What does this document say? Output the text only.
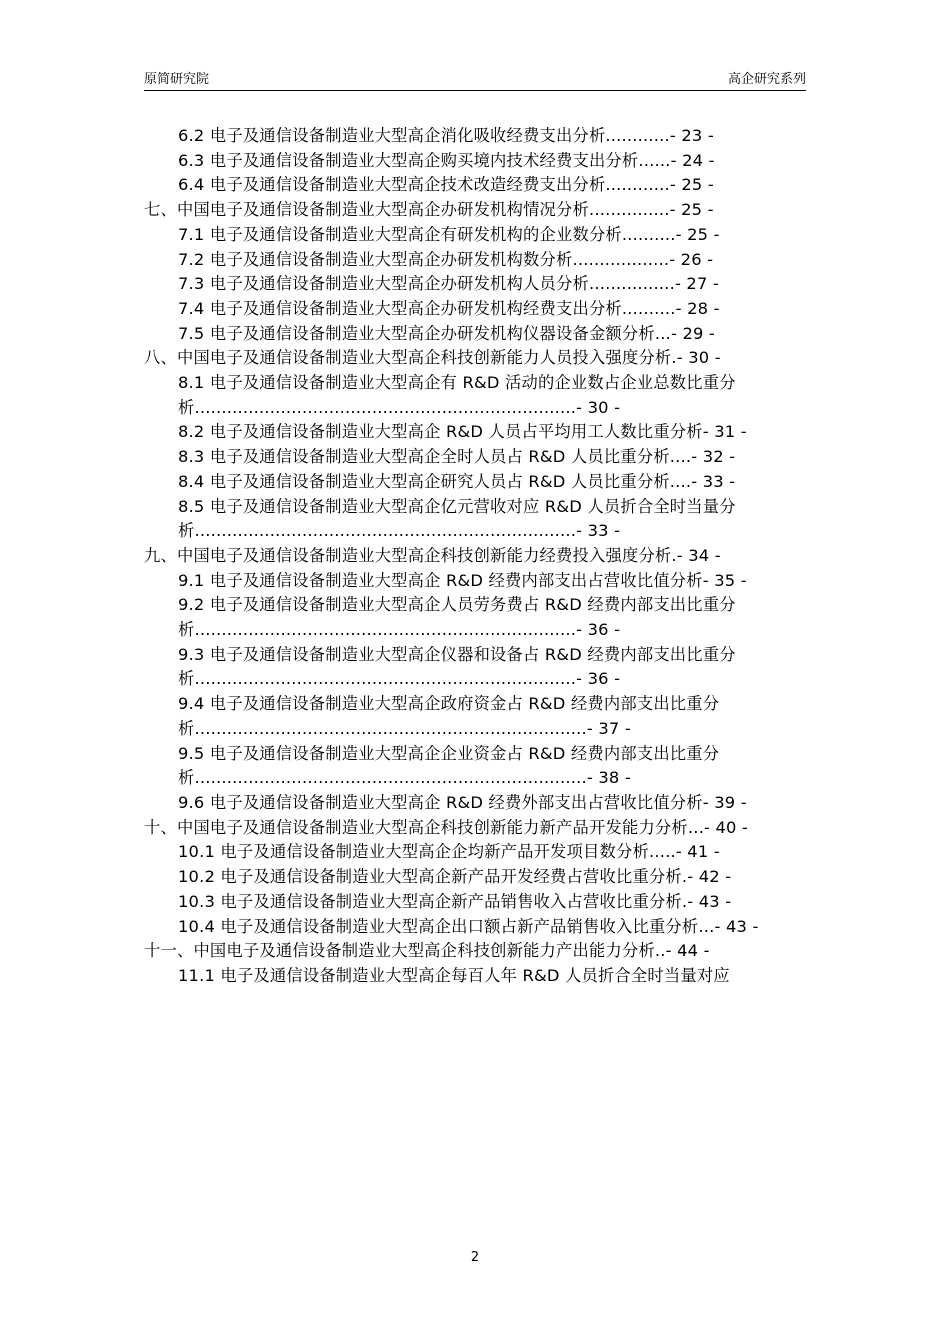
原简研究院	高企研究系列
6.2 电子及通信设备制造业大型高企消化吸收经费支出分析............- 23 -
6.3 电子及通信设备制造业大型高企购买境内技术经费支出分析......- 24 -
6.4 电子及通信设备制造业大型高企技术改造经费支出分析............- 25 -
七、中国电子及通信设备制造业大型高企办研发机构情况分析...............- 25 -
7.1 电子及通信设备制造业大型高企有研发机构的企业数分析..........- 25 -
7.2 电子及通信设备制造业大型高企办研发机构数分析..................- 26 -
7.3 电子及通信设备制造业大型高企办研发机构人员分析................- 27 -
7.4 电子及通信设备制造业大型高企办研发机构经费支出分析..........- 28 -
7.5 电子及通信设备制造业大型高企办研发机构仪器设备金额分析...- 29 -
八、中国电子及通信设备制造业大型高企科技创新能力人员投入强度分析.- 30 -
8.1 电子及通信设备制造业大型高企有 R&D 活动的企业数占企业总数比重分析.......................................................................- 30 -
8.2 电子及通信设备制造业大型高企 R&D 人员占平均用工人数比重分析- 31 -
8.3 电子及通信设备制造业大型高企全时人员占 R&D 人员比重分析....- 32 -
8.4 电子及通信设备制造业大型高企研究人员占 R&D 人员比重分析....- 33 -
8.5 电子及通信设备制造业大型高企亿元营收对应 R&D 人员折合全时当量分析.......................................................................- 33 -
九、中国电子及通信设备制造业大型高企科技创新能力经费投入强度分析.- 34 -
9.1 电子及通信设备制造业大型高企 R&D 经费内部支出占营收比值分析- 35 -
9.2 电子及通信设备制造业大型高企人员劳务费占 R&D 经费内部支出比重分析.......................................................................- 36 -
9.3 电子及通信设备制造业大型高企仪器和设备占 R&D 经费内部支出比重分析.......................................................................- 36 -
9.4 电子及通信设备制造业大型高企政府资金占 R&D 经费内部支出比重分析.........................................................................- 37 -
9.5 电子及通信设备制造业大型高企企业资金占 R&D 经费内部支出比重分析.........................................................................- 38 -
9.6 电子及通信设备制造业大型高企 R&D 经费外部支出占营收比值分析- 39 -
十、中国电子及通信设备制造业大型高企科技创新能力新产品开发能力分析...- 40 -
10.1 电子及通信设备制造业大型高企企均新产品开发项目数分析.....- 41 -
10.2 电子及通信设备制造业大型高企新产品开发经费占营收比重分析.- 42 -
10.3 电子及通信设备制造业大型高企新产品销售收入占营收比重分析.- 43 -
10.4 电子及通信设备制造业大型高企出口额占新产品销售收入比重分析...- 43 -
十一、中国电子及通信设备制造业大型高企科技创新能力产出能力分析..- 44 -
11.1 电子及通信设备制造业大型高企每百人年 R&D 人员折合全时当量对应
2
